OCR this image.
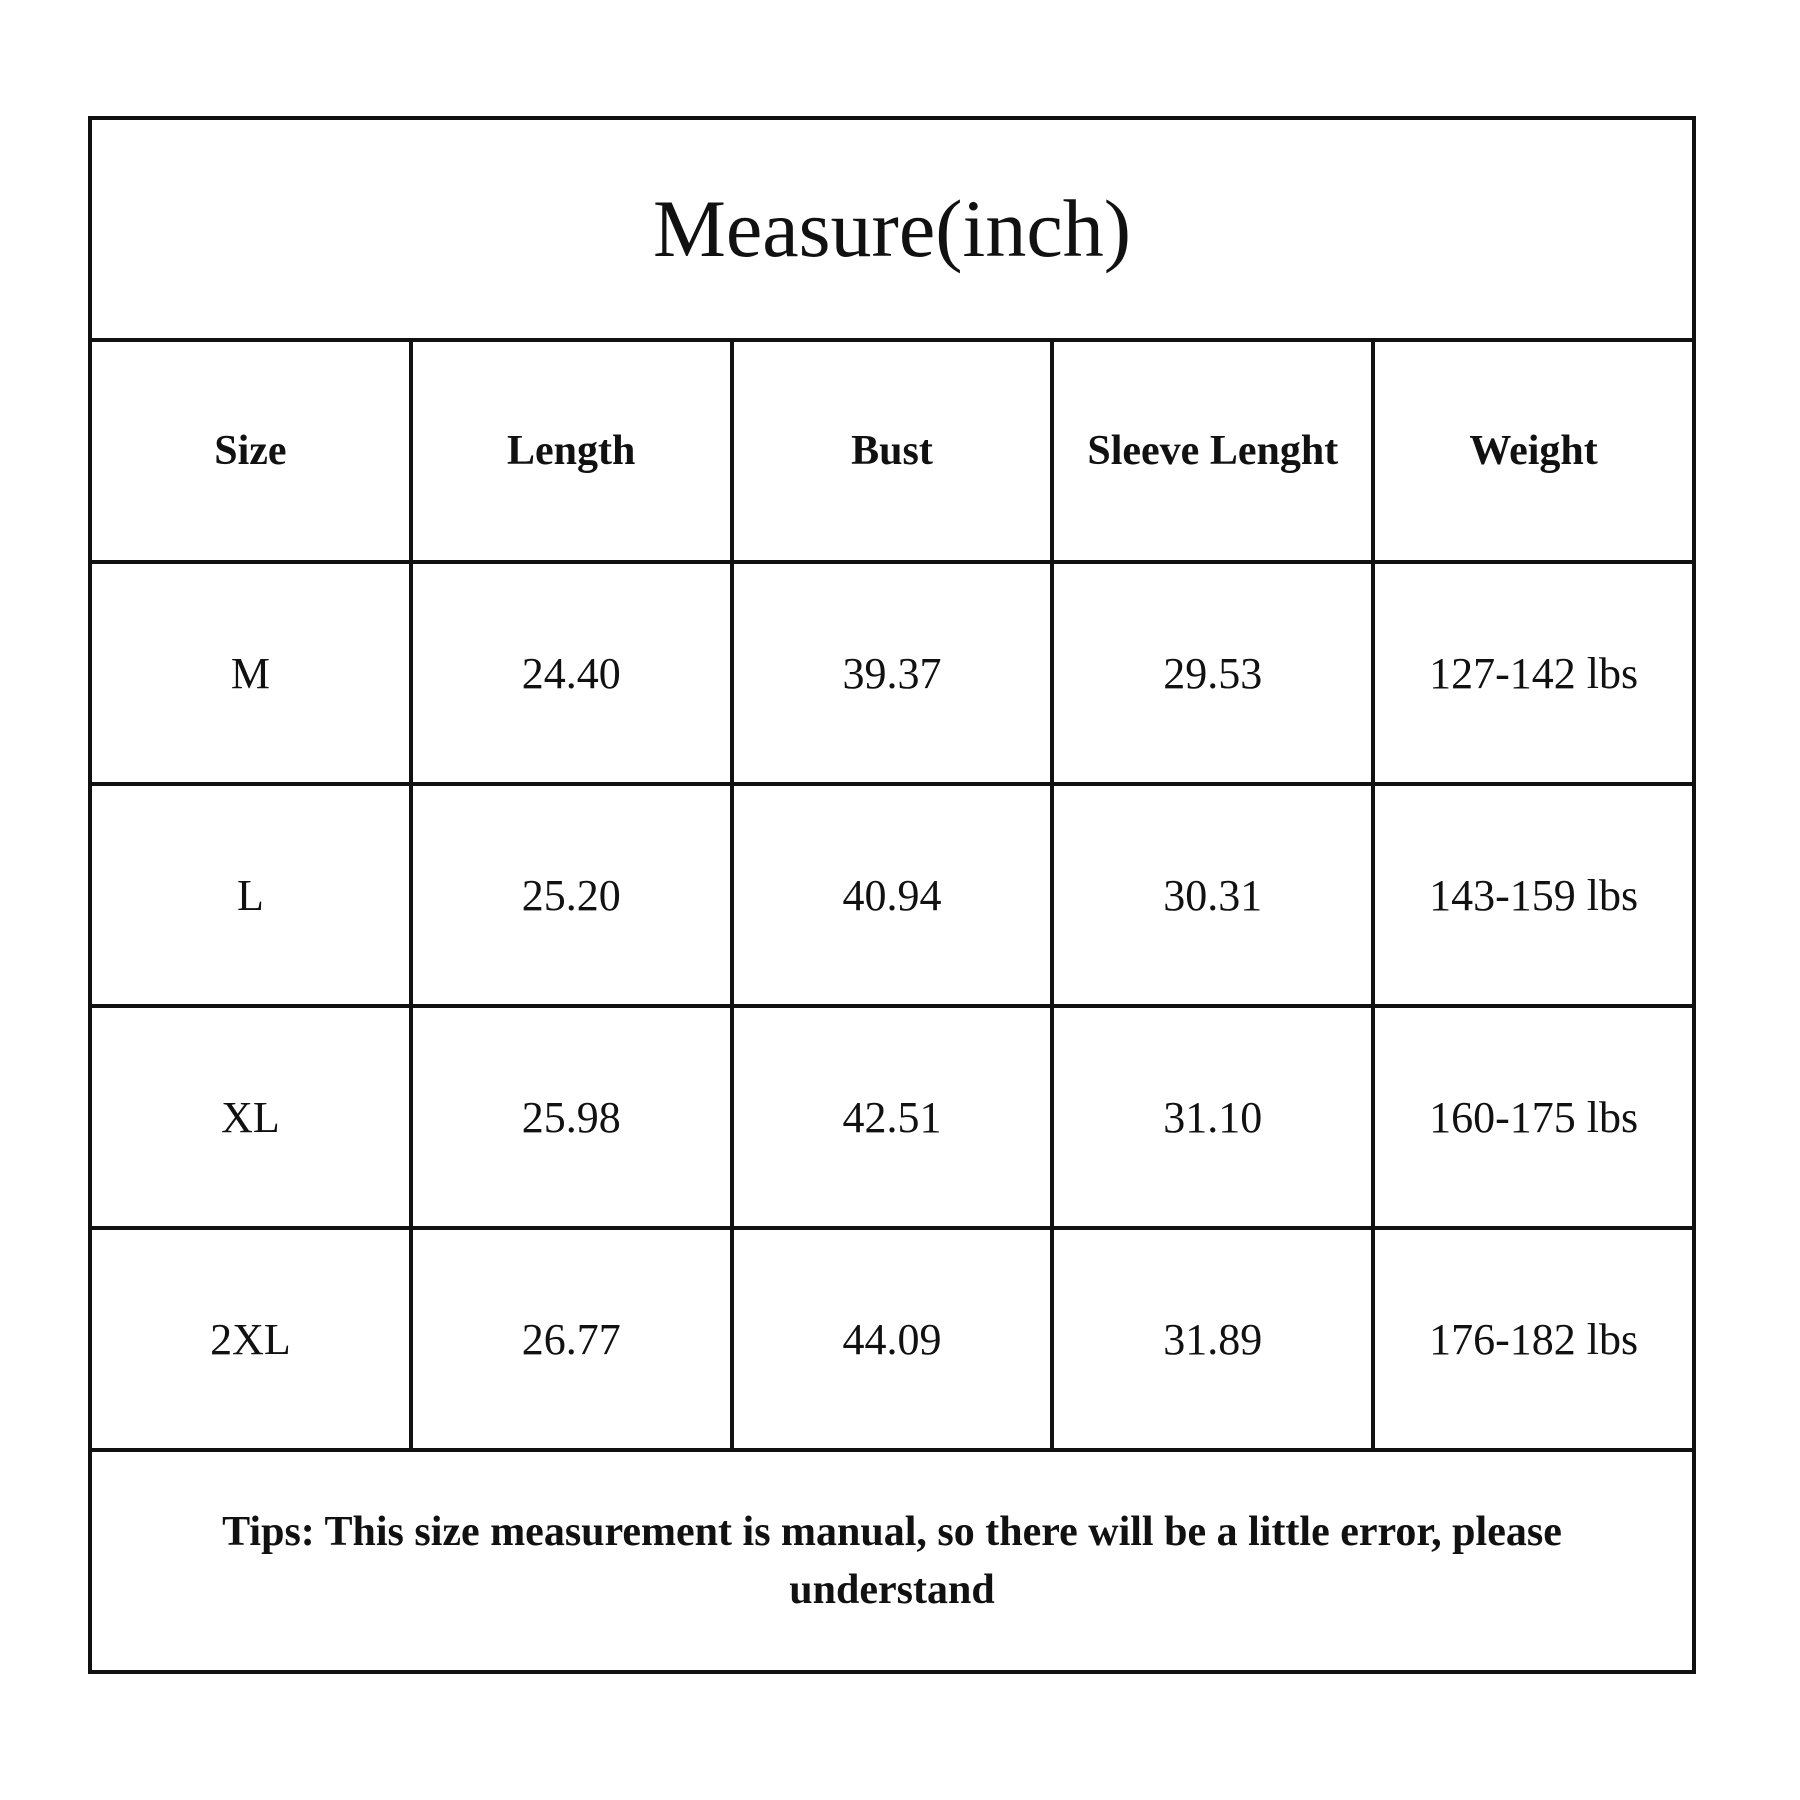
Measure(inch)				
Size	Length	Bust	Sleeve Lenght	Weight
M	24.40	39.37	29.53	127-142 lbs
L	25.20	40.94	30.31	143-159 lbs
XL	25.98	42.51	31.10	160-175 lbs
2XL	26.77	44.09	31.89	176-182 lbs
Tips: This size measurement is manual, so there will be a little error, please understand				
